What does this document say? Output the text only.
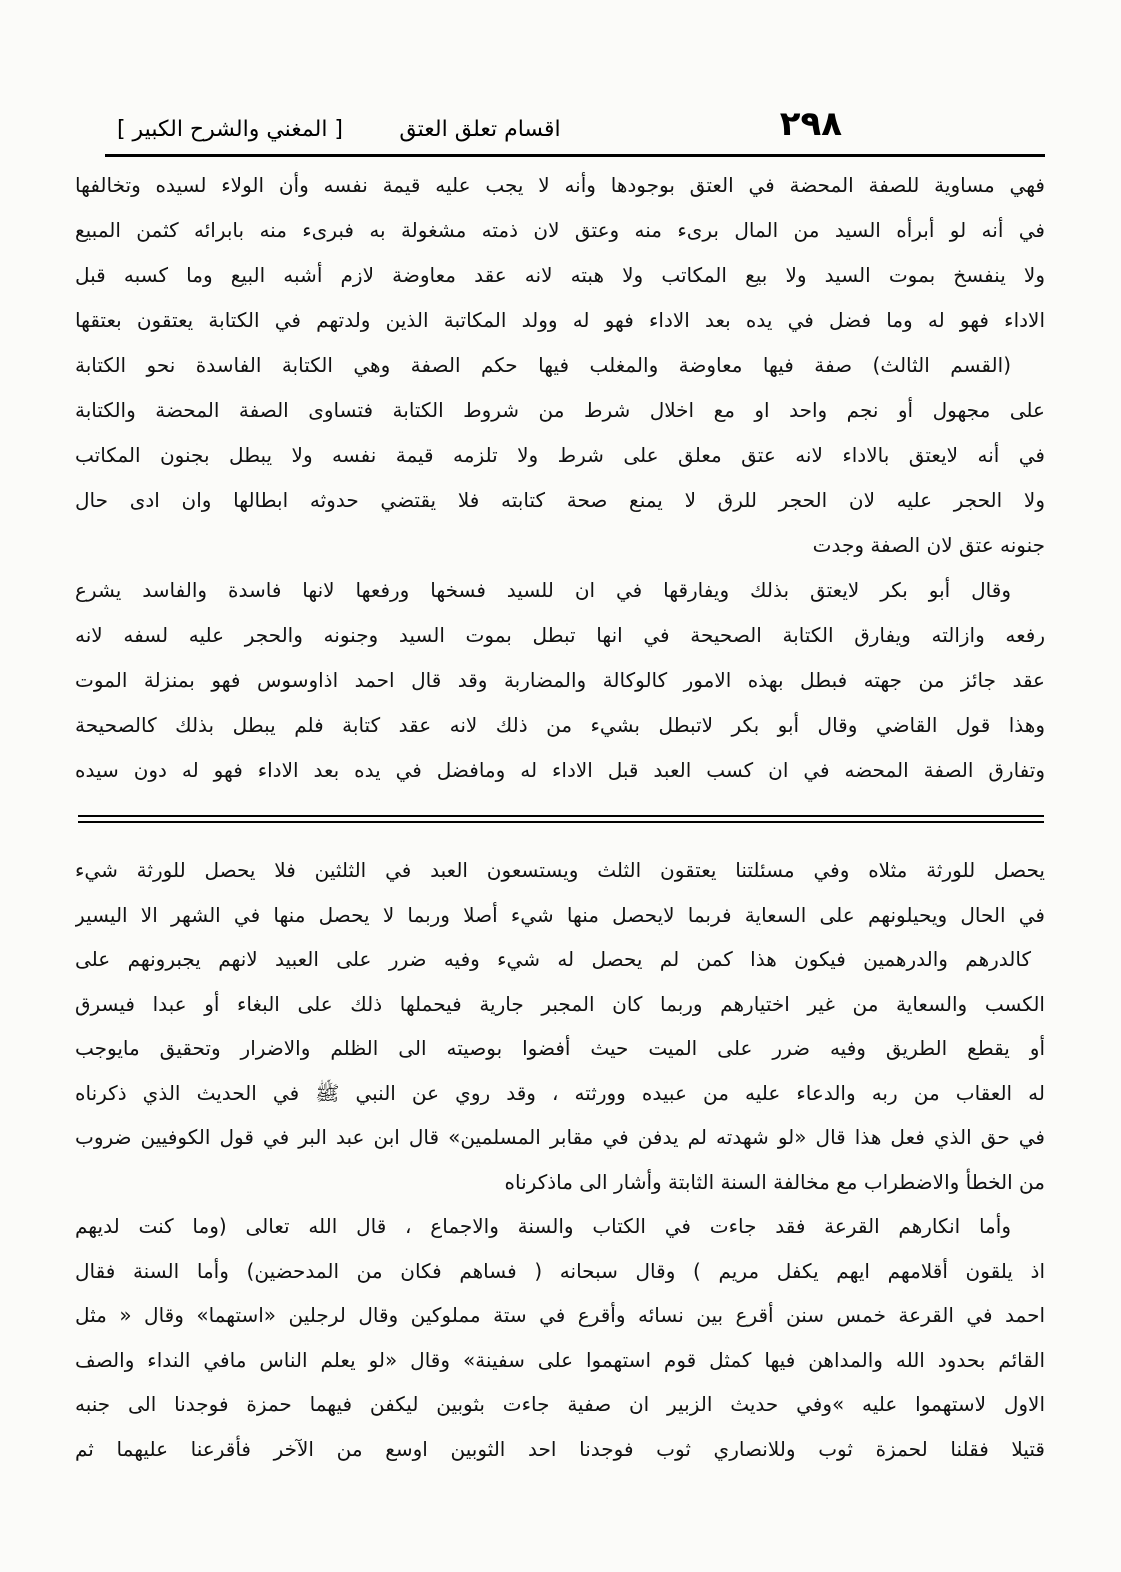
٢٩٨
اقسام تعلق العتق
[ المغني والشرح الكبير ]
فهي مساوية للصفة المحضة في العتق بوجودها وأنه لا يجب عليه قيمة نفسه وأن الولاء لسيده وتخالفها
في أنه لو أبرأه السيد من المال برىء منه وعتق لان ذمته مشغولة به فبرىء منه بابرائه كثمن المبيع
ولا ينفسخ بموت السيد ولا بيع المكاتب ولا هبته لانه عقد معاوضة لازم أشبه البيع وما كسبه قبل
الاداء فهو له وما فضل في يده بعد الاداء فهو له وولد المكاتبة الذين ولدتهم في الكتابة يعتقون بعتقها
(القسم الثالث) صفة فيها معاوضة والمغلب فيها حكم الصفة وهي الكتابة الفاسدة نحو الكتابة
على مجهول أو نجم واحد او مع اخلال شرط من شروط الكتابة فتساوى الصفة المحضة والكتابة
في أنه لايعتق بالاداء لانه عتق معلق على شرط ولا تلزمه قيمة نفسه ولا يبطل بجنون المكاتب
ولا الحجر عليه لان الحجر للرق لا يمنع صحة كتابته فلا يقتضي حدوثه ابطالها وان ادى حال
جنونه عتق لان الصفة وجدت
وقال أبو بكر لايعتق بذلك ويفارقها في ان للسيد فسخها ورفعها لانها فاسدة والفاسد يشرع
رفعه وازالته ويفارق الكتابة الصحيحة في انها تبطل بموت السيد وجنونه والحجر عليه لسفه لانه
عقد جائز من جهته فبطل بهذه الامور كالوكالة والمضاربة وقد قال احمد اذاوسوس فهو بمنزلة الموت
وهذا قول القاضي وقال أبو بكر لاتبطل بشيء من ذلك لانه عقد كتابة فلم يبطل بذلك كالصحيحة
وتفارق الصفة المحضه في ان كسب العبد قبل الاداء له ومافضل في يده بعد الاداء فهو له دون سيده
يحصل للورثة مثلاه وفي مسئلتنا يعتقون الثلث ويستسعون العبد في الثلثين فلا يحصل للورثة شيء
في الحال ويحيلونهم على السعاية فربما لايحصل منها شيء أصلا وربما لا يحصل منها في الشهر الا اليسير
كالدرهم والدرهمين فيكون هذا كمن لم يحصل له شيء وفيه ضرر على العبيد لانهم يجبرونهم على
الكسب والسعاية من غير اختيارهم وربما كان المجبر جارية فيحملها ذلك على البغاء أو عبدا فيسرق
أو يقطع الطريق وفيه ضرر على الميت حيث أفضوا بوصيته الى الظلم والاضرار وتحقيق مايوجب
له العقاب من ربه والدعاء عليه من عبيده وورثته ، وقد روي عن النبي ﷺ في الحديث الذي ذكرناه
في حق الذي فعل هذا قال «لو شهدته لم يدفن في مقابر المسلمين» قال ابن عبد البر في قول الكوفيين ضروب
من الخطأ والاضطراب مع مخالفة السنة الثابتة وأشار الى ماذكرناه
وأما انكارهم القرعة فقد جاءت في الكتاب والسنة والاجماع ، قال الله تعالى (وما كنت لديهم
اذ يلقون أقلامهم ايهم يكفل مريم ) وقال سبحانه ( فساهم فكان من المدحضين) وأما السنة فقال
احمد في القرعة خمس سنن أقرع بين نسائه وأقرع في ستة مملوكين وقال لرجلين «استهما» وقال « مثل
القائم بحدود الله والمداهن فيها كمثل قوم استهموا على سفينة» وقال «لو يعلم الناس مافي النداء والصف
الاول لاستهموا عليه »وفي حديث الزبير ان صفية جاءت بثوبين ليكفن فيهما حمزة فوجدنا الى جنبه
قتيلا فقلنا لحمزة ثوب وللانصاري ثوب فوجدنا احد الثوبين اوسع من الآخر فأقرعنا عليهما ثم
